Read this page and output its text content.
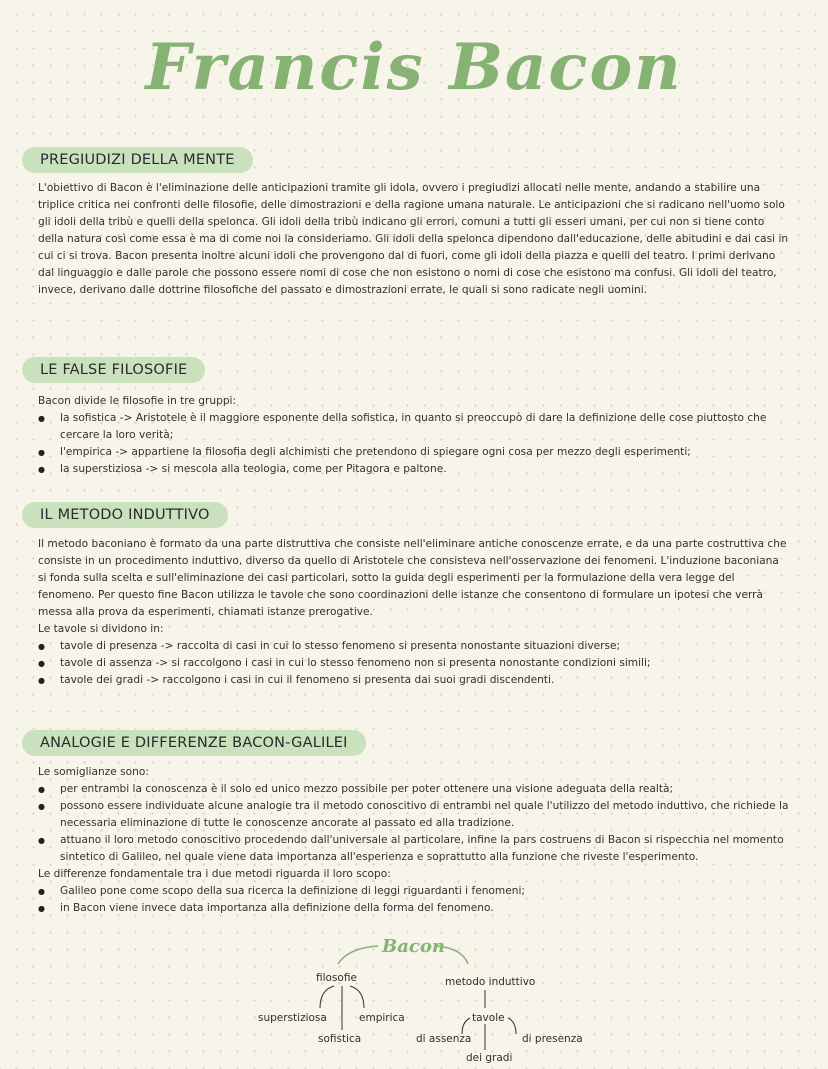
Francis Bacon
PREGIUDIZI DELLA MENTE

L'obiettivo di Bacon è l'eliminazione delle anticipazioni tramite gli idola, ovvero i pregiudizi allocati nelle mente, andando a stabilire una triplice critica nei confronti delle filosofie, delle dimostrazioni e della ragione umana naturale. Le anticipazioni che si radicano nell'uomo solo gli idoli della tribù e quelli della spelonca. Gli idoli della tribù indicano gli errori, comuni a tutti gli esseri umani, per cui non si tiene conto della natura così come essa è ma di come noi la consideriamo. Gli idoli della spelonca dipendono dall'educazione, delle abitudini e dai casi in cui ci si trova. Bacon presenta inoltre alcuni idoli che provengono dal di fuori, come gli idoli della piazza e quelli del teatro. I primi derivano dal linguaggio e dalle parole che possono essere nomi di cose che non esistono o nomi di cose che esistono ma confusi. Gli idoli del teatro, invece, derivano dalle dottrine filosofiche del passato e dimostrazioni errate, le quali si sono radicate negli uomini.

LE FALSE FILOSOFIE

Bacon divide le filosofie in tre gruppi:

● la sofistica -> Aristotele è il maggiore esponente della sofistica, in quanto si preoccupò di dare la definizione delle cose piuttosto che cercare la loro verità;
● l'empirica -> appartiene la filosofia degli alchimisti che pretendono di spiegare ogni cosa per mezzo degli esperimenti;
● la superstiziosa -> si mescola alla teologia, come per Pitagora e paltone.
IL METODO INDUTTIVO

Il metodo baconiano è formato da una parte distruttiva che consiste nell'eliminare antiche conoscenze errate, e da una parte costruttiva che consiste in un procedimento induttivo, diverso da quello di Aristotele che consisteva nell'osservazione dei fenomeni. L'induzione baconiana si fonda sulla scelta e sull'eliminazione dei casi particolari, sotto la guida degli esperimenti per la formulazione della vera legge del fenomeno. Per questo fine Bacon utilizza le tavole che sono coordinazioni delle istanze che consentono di formulare un ipotesi che verrà messa alla prova da esperimenti, chiamati istanze prerogative.

Le tavole si dividono in:

● tavole di presenza -> raccolta di casi in cui lo stesso fenomeno si presenta nonostante situazioni diverse;
● tavole di assenza -> si raccolgono i casi in cui lo stesso fenomeno non si presenta nonostante condizioni simili;
● tavole dei gradi -> raccolgono i casi in cui il fenomeno si presenta dai suoi gradi discendenti.
ANALOGIE E DIFFERENZE BACON-GALILEI

Le somiglianze sono:

● per entrambi la conoscenza è il solo ed unico mezzo possibile per poter ottenere una visione adeguata della realtà;
● possono essere individuate alcune analogie tra il metodo conoscitivo di entrambi nel quale l'utilizzo del metodo induttivo, che richiede la necessaria eliminazione di tutte le conoscenze ancorate al passato ed alla tradizione.
● attuano il loro metodo conoscitivo procedendo dall'universale al particolare, infine la pars costruens di Bacon si rispecchia nel momento sintetico di Galileo, nel quale viene data importanza all'esperienza e soprattutto alla funzione che riveste l'esperimento.

Le differenze fondamentale tra i due metodi riguarda il loro scopo:

● Galileo pone come scopo della sua ricerca la definizione di leggi riguardanti i fenomeni;
● in Bacon viene invece data importanza alla definizione della forma del fenomeno.
Bacon
filosofie	metodo induttivo
superstiziosa
sofistica
empirica	tavole
di assenza
dei gradi
di presenza
